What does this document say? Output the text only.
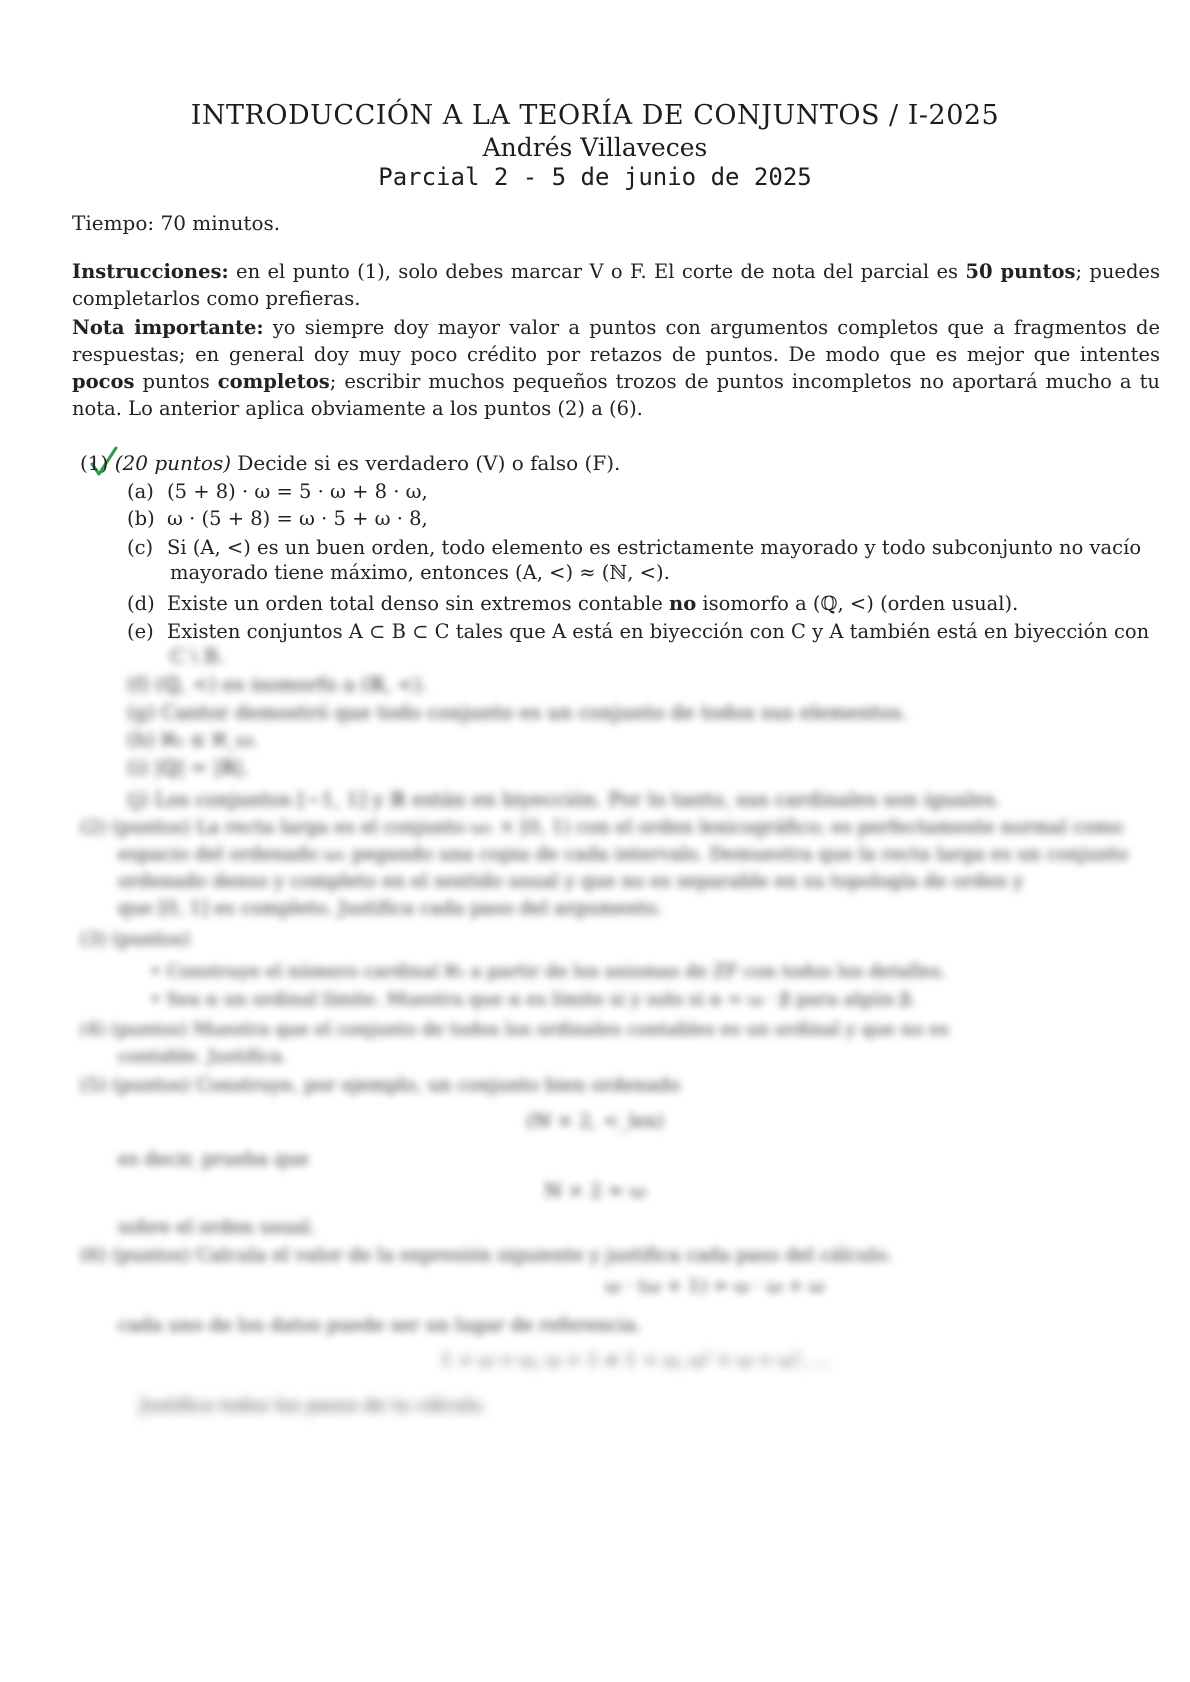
INTRODUCCIÓN A LA TEORÍA DE CONJUNTOS / I-2025
Andrés Villaveces
Parcial 2 - 5 de junio de 2025
Tiempo: 70 minutos.
Instrucciones: en el punto (1), solo debes marcar V o F. El corte de nota del parcial es 50 puntos; puedes completarlos como prefieras.
Nota importante: yo siempre doy mayor valor a puntos con argumentos completos que a fragmentos de respuestas; en general doy muy poco crédito por retazos de puntos. De modo que es mejor que intentes pocos puntos completos; escribir muchos pequeños trozos de puntos incompletos no aportará mucho a tu nota. Lo anterior aplica obviamente a los puntos (2) a (6).
(1) (20 puntos) Decide si es verdadero (V) o falso (F).
(a) (5 + 8) · ω = 5 · ω + 8 · ω,
(b) ω · (5 + 8) = ω · 5 + ω · 8,
(c) Si (A, <) es un buen orden, todo elemento es estrictamente mayorado y todo subconjunto no vacío
mayorado tiene máximo, entonces (A, <) ≈ (ℕ, <).
(d) Existe un orden total denso sin extremos contable no isomorfo a (ℚ, <) (orden usual).
(e) Existen conjuntos A ⊂ B ⊂ C tales que A está en biyección con C y A también está en biyección con
C \ B.
(f) (ℚ, <) es isomorfo a (ℝ, <).
(g) Cantor demostró que todo conjunto es un conjunto de todos sus elementos.
(h) ℵ₀ ≤ ℵ_ω.
(i) |ℚ| = |ℝ|.
(j) Los conjuntos [−1, 1] y ℝ están en biyección. Por lo tanto, sus cardinales son iguales.
(2) (puntos) La recta larga es el conjunto ω₁ × [0, 1) con el orden lexicográfico; es perfectamente normal como
espacio del ordenado ω₁ pegando una copia de cada intervalo. Demuestra que la recta larga es un conjunto
ordenado denso y completo en el sentido usual y que no es separable en su topología de orden y
que [0, 1] es completo. Justifica cada paso del argumento.
(3) (puntos)
• Construye el número cardinal ℵ₁ a partir de los axiomas de ZF con todos los detalles.
• Sea α un ordinal límite. Muestra que α es límite si y solo si α = ω · β para algún β.
(4) (puntos) Muestra que el conjunto de todos los ordinales contables es un ordinal y que no es
contable. Justifica.
(5) (puntos) Construye, por ejemplo, un conjunto bien ordenado
(ℕ × 2, <_lex)
es decir, prueba que
ℕ × 2 ≈ ω
sobre el orden usual.
(6) (puntos) Calcula el valor de la expresión siguiente y justifica cada paso del cálculo.
ω · (ω + 1) = ω · ω + ω
cada uno de los datos puede ser un lugar de referencia.
1 + ω = ω, ω + 1 ≠ 1 + ω, ω² + ω = ω², ...
Justifica todos los pasos de tu cálculo.
